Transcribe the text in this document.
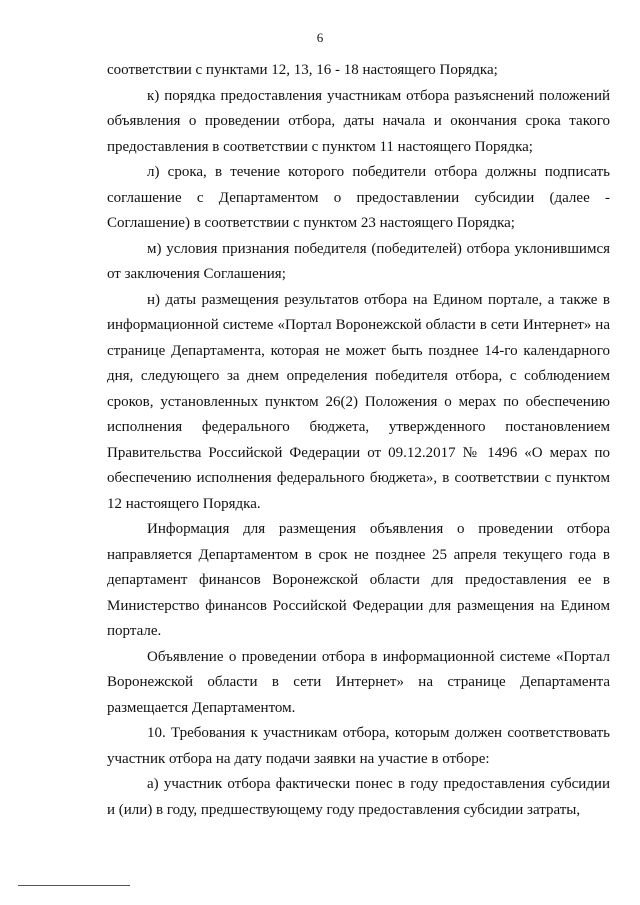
6

соответствии с пунктами 12, 13, 16 - 18 настоящего Порядка;

к) порядка предоставления участникам отбора разъяснений положений объявления о проведении отбора, даты начала и окончания срока такого предоставления в соответствии с пунктом 11 настоящего Порядка;

л) срока, в течение которого победители отбора должны подписать соглашение с Департаментом о предоставлении субсидии (далее - Соглашение) в соответствии с пунктом 23 настоящего Порядка;

м) условия признания победителя (победителей) отбора уклонившимся от заключения Соглашения;

н) даты размещения результатов отбора на Едином портале, а также в информационной системе «Портал Воронежской области в сети Интернет» на странице Департамента, которая не может быть позднее 14-го календарного дня, следующего за днем определения победителя отбора, с соблюдением сроков, установленных пунктом 26(2) Положения о мерах по обеспечению исполнения федерального бюджета, утвержденного постановлением Правительства Российской Федерации от 09.12.2017 № 1496 «О мерах по обеспечению исполнения федерального бюджета», в соответствии с пунктом 12 настоящего Порядка.

Информация для размещения объявления о проведении отбора направляется Департаментом в срок не позднее 25 апреля текущего года в департамент финансов Воронежской области для предоставления ее в Министерство финансов Российской Федерации для размещения на Едином портале.

Объявление о проведении отбора в информационной системе «Портал Воронежской области в сети Интернет» на странице Департамента размещается Департаментом.

10. Требования к участникам отбора, которым должен соответствовать участник отбора на дату подачи заявки на участие в отборе:

а) участник отбора фактически понес в году предоставления субсидии и (или) в году, предшествующему году предоставления субсидии затраты,
